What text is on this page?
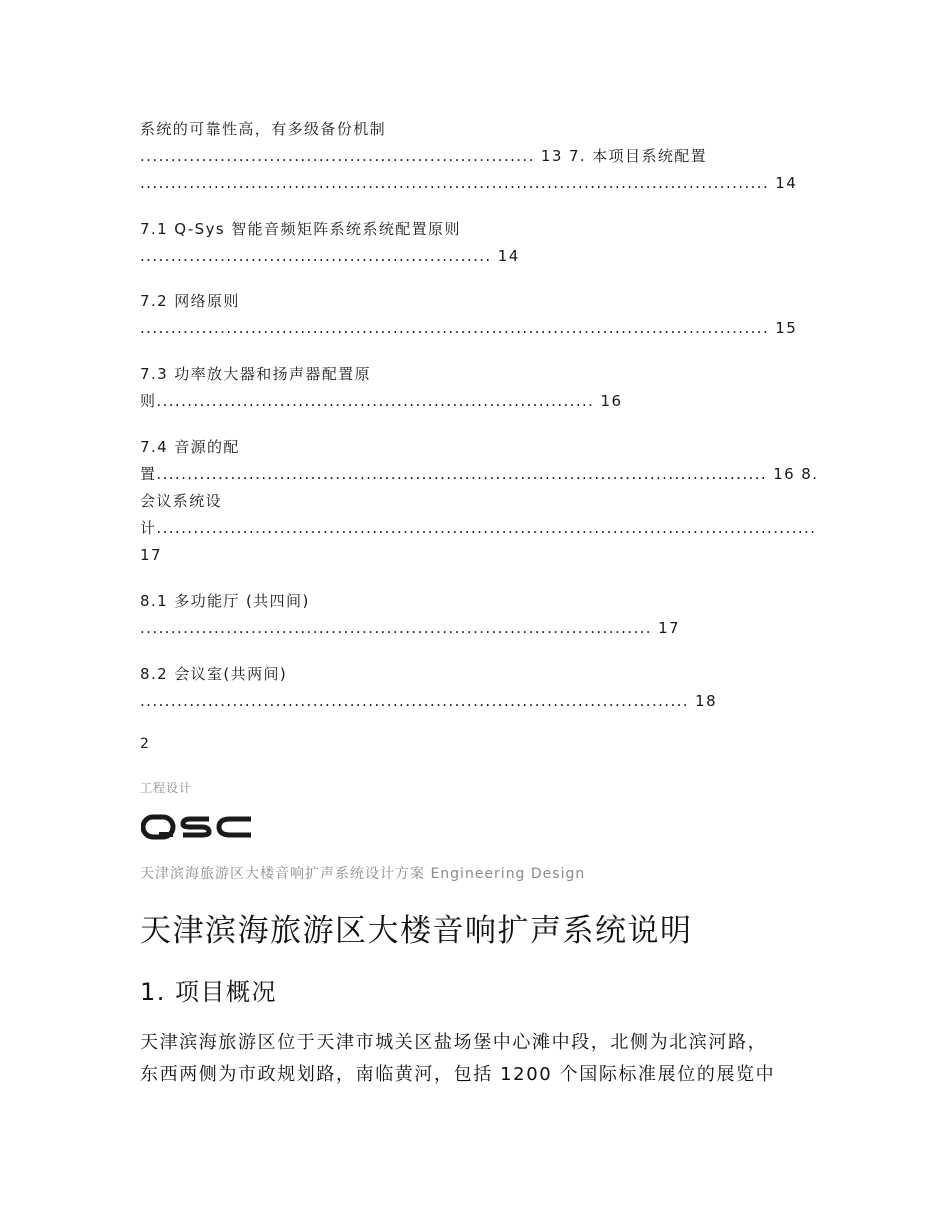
系统的可靠性高，有多级备份机制
................................................................ 13 7. 本项目系统配置
...................................................................................................... 14
7.1 Q-Sys 智能音频矩阵系统系统配置原则
......................................................... 14
7.2 网络原则
...................................................................................................... 15
7.3 功率放大器和扬声器配置原
则....................................................................... 16
7.4 音源的配
置................................................................................................... 16 8.
会议系统设
计...........................................................................................................
17
8.1 多功能厅 (共四间)
................................................................................... 17
8.2 会议室(共两间)
......................................................................................... 18
2
工程设计
QSC
天津滨海旅游区大楼音响扩声系统设计方案 Engineering Design
天津滨海旅游区大楼音响扩声系统说明
1. 项目概况
天津滨海旅游区位于天津市城关区盐场堡中心滩中段，北侧为北滨河路，
东西两侧为市政规划路，南临黄河，包括 1200 个国际标准展位的展览中
